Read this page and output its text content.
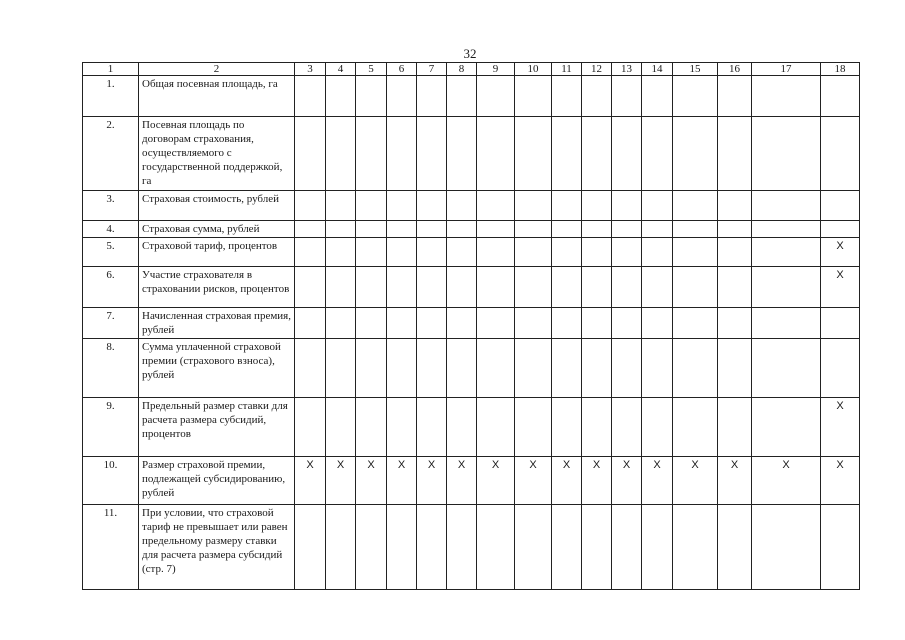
32
1	2	3	4	5	6	7	8	9	10	11	12	13	14	15	16	17	18
1.	Общая посевная площадь, га																
2.	Посевная площадь по договорам страхования, осуществляемого с государственной поддержкой, га																
3.	Страховая стоимость, рублей																
4.	Страховая сумма, рублей																
5.	Страховой тариф, процентов																X
6.	Участие страхователя в страховании рисков, процентов																X
7.	Начисленная страховая премия, рублей																
8.	Сумма уплаченной страховой премии (страхового взноса), рублей																
9.	Предельный размер ставки для расчета размера субсидий, процентов																X
10.	Размер страховой премии, подлежащей субсидированию, рублей	X	X	X	X	X	X	X	X	X	X	X	X	X	X	X	X
11.	При условии, что страховой тариф не превышает или равен предельному размеру ставки для расчета размера субсидий (стр. 7)																
